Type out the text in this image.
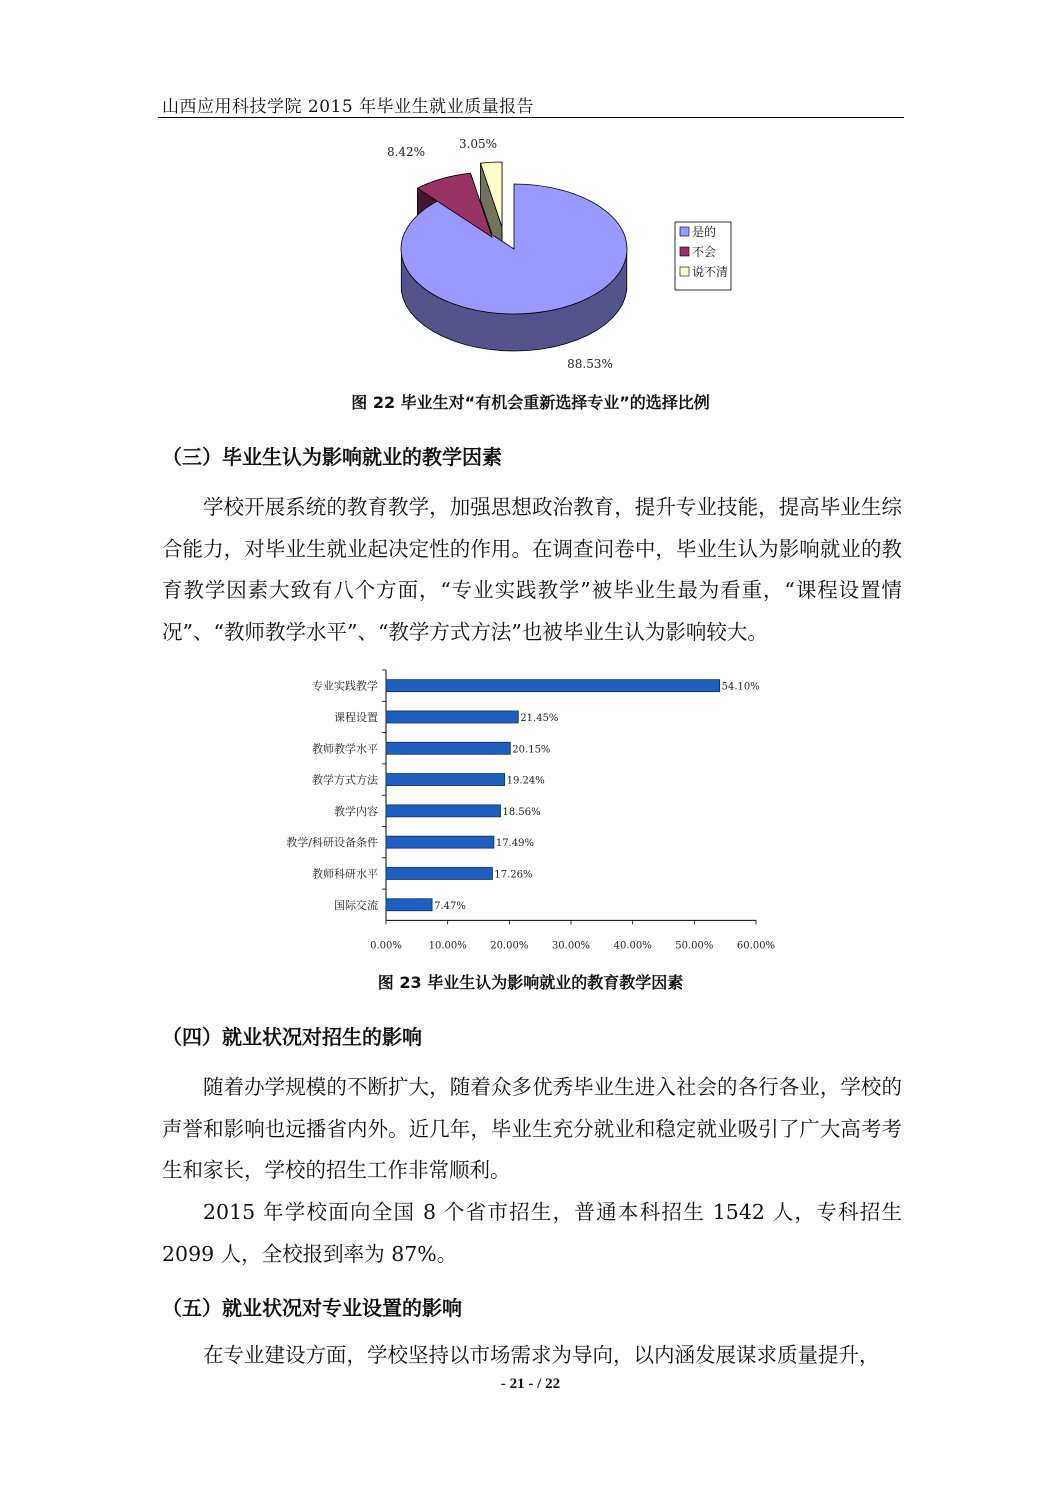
山西应用科技学院 2015 年毕业生就业质量报告
88.53%
8.42%
3.05%
是的
不会
说不清
图 22 毕业生对“有机会重新选择专业”的选择比例
（三）毕业生认为影响就业的教学因素

学校开展系统的教育教学，加强思想政治教育，提升专业技能，提高毕业生综合能力，对毕业生就业起决定性的作用。在调查问卷中，毕业生认为影响就业的教育教学因素大致有八个方面，“专业实践教学”被毕业生最为看重，“课程设置情况”、“教师教学水平”、“教学方式方法”也被毕业生认为影响较大。

专业实践教学	54.10%
课程设置	21.45%
教师教学水平	20.15%
教学方式方法	19.24%
教学内容	18.56%
教学/科研设备条件	17.49%
教师科研水平	17.26%
国际交流	7.47%
0.00%	10.00% 20.00% 30.00% 40.00% 50.00% 60.00%
图 23 毕业生认为影响就业的教育教学因素
（四）就业状况对招生的影响

随着办学规模的不断扩大，随着众多优秀毕业生进入社会的各行各业，学校的声誉和影响也远播省内外。近几年，毕业生充分就业和稳定就业吸引了广大高考考生和家长，学校的招生工作非常顺利。

2015 年学校面向全国 8 个省市招生，普通本科招生 1542 人，专科招生 2099 人，全校报到率为 87%。

（五）就业状况对专业设置的影响

在专业建设方面，学校坚持以市场需求为导向，以内涵发展谋求质量提升，

- 21 - / 22
